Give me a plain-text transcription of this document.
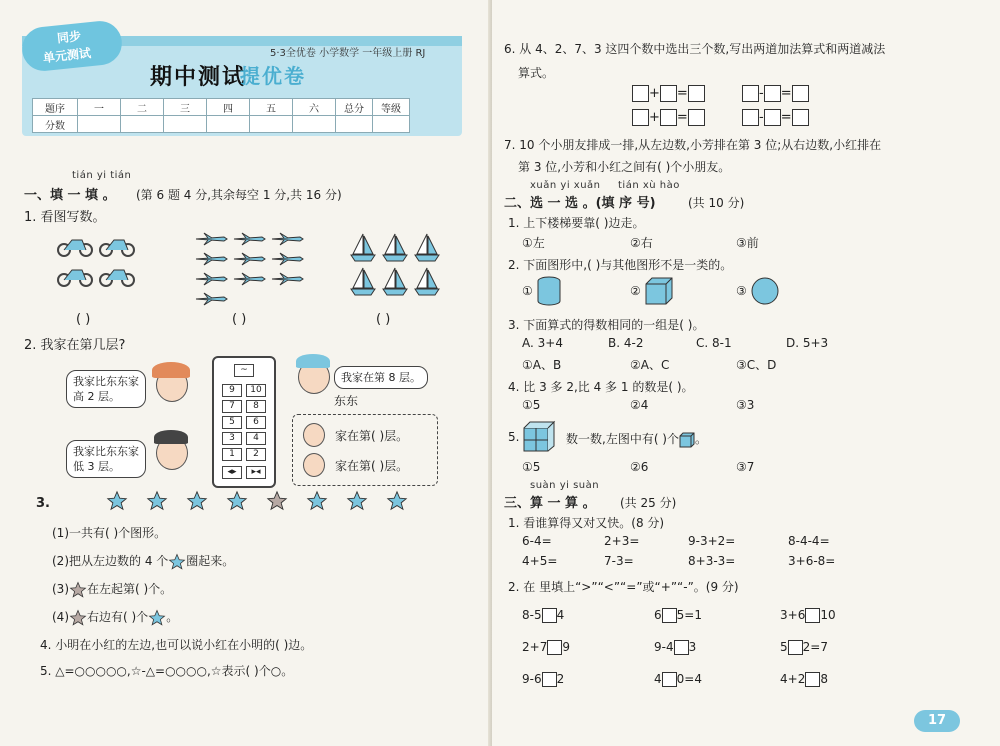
同步
单元测试	5·3全优卷 小学数学 一年级上册 RJ
期中测试
提优卷
题序	一	二	三	四	五	六	总分	等级
分数								
tián yi tián
一、填 一 填 。 (第 6 题 4 分,其余每空 1 分,共 16 分)
1. 看图写数。
( )	( )	( )
2. 我家在第几层?
我家比东东家
高 2 层。
我家比东东家
低 3 层。
~
9	10
7	8
5	6
3	4
1	2
◂▸	▸◂
我家在第 8 层。
东东
家在第( )层。
家在第( )层。
3.
(1)一共有( )个图形。
(2)把从左边数的 4 个 圈起来。
(3) 在左起第( )个。
(4) 右边有( )个 。
4. 小明在小红的左边,也可以说小红在小明的( )边。
5. △=○○○○○,☆-△=○○○○,☆表示( )个○。
6. 从 4、2、7、3 这四个数中选出三个数,写出两道加法算式和两道减法
算式。
+ =
+ =
- =
- =
7. 10 个小朋友排成一排,从左边数,小芳排在第 3 位;从右边数,小红排在
第 3 位,小芳和小红之间有( )个小朋友。
xuǎn yi xuǎn tián xù hào
二、选 一 选 。(填 序 号)	(共 10 分)
1. 上下楼梯要靠( )边走。
①左	②右	③前
2. 下面图形中,( )与其他图形不是一类的。
①	②	③
3. 下面算式的得数相同的一组是( )。
A. 3+4	B. 4-2	C. 8-1	D. 5+3
①A、B	②A、C	③C、D
4. 比 3 多 2,比 4 多 1 的数是( )。
①5	②4	③3
5.	数一数,左图中有( )个 。
①5	②6	③7
suàn yi suàn
三、算 一 算 。 (共 25 分)
1. 看谁算得又对又快。(8 分)
6-4=	2+3=	9-3+2=	8-4-4=
4+5=	7-3=	8+3-3=	3+6-8=
2. 在 里填上“>”“<”“=”或“+”“-”。(9 分)
8-5 4	6 5=1	3+6 10
2+7 9	9-4 3	5 2=7
9-6 2	4 0=4	4+2 8
17
